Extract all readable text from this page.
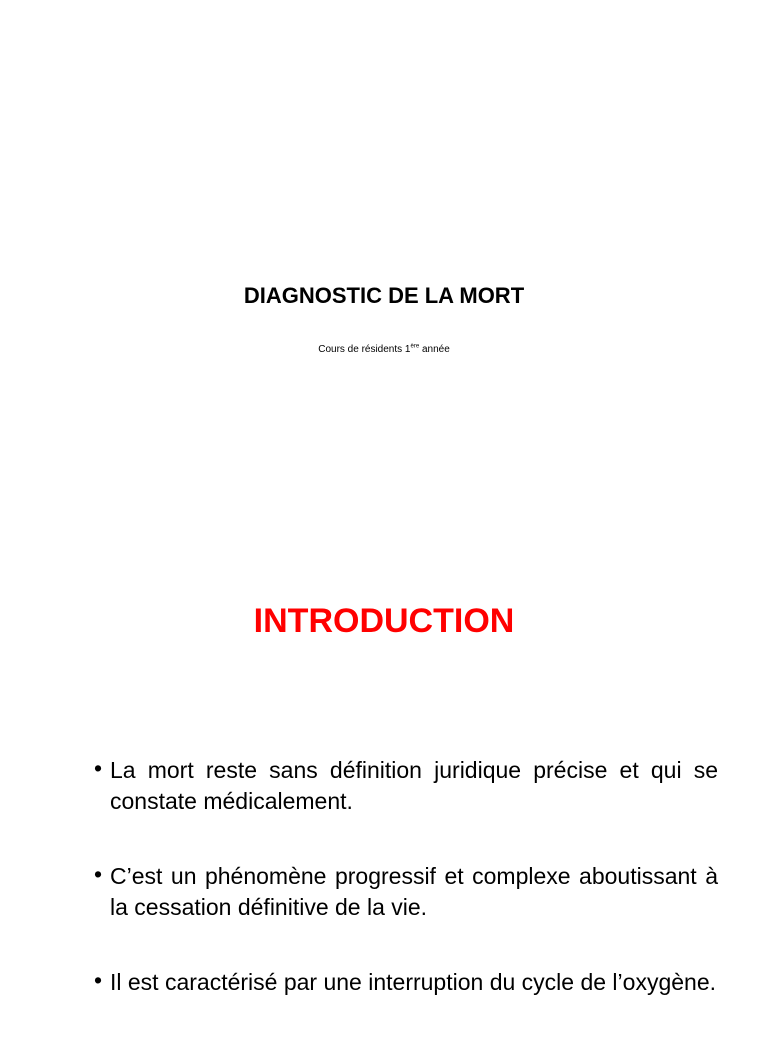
DIAGNOSTIC DE LA MORT
Cours de résidents 1ère année
INTRODUCTION
• La mort reste sans définition juridique précise et qui se constate médicalement.
• C’est un phénomène progressif et complexe aboutissant à la cessation définitive de la vie.
• Il est caractérisé par une interruption du cycle de l’oxygène.
